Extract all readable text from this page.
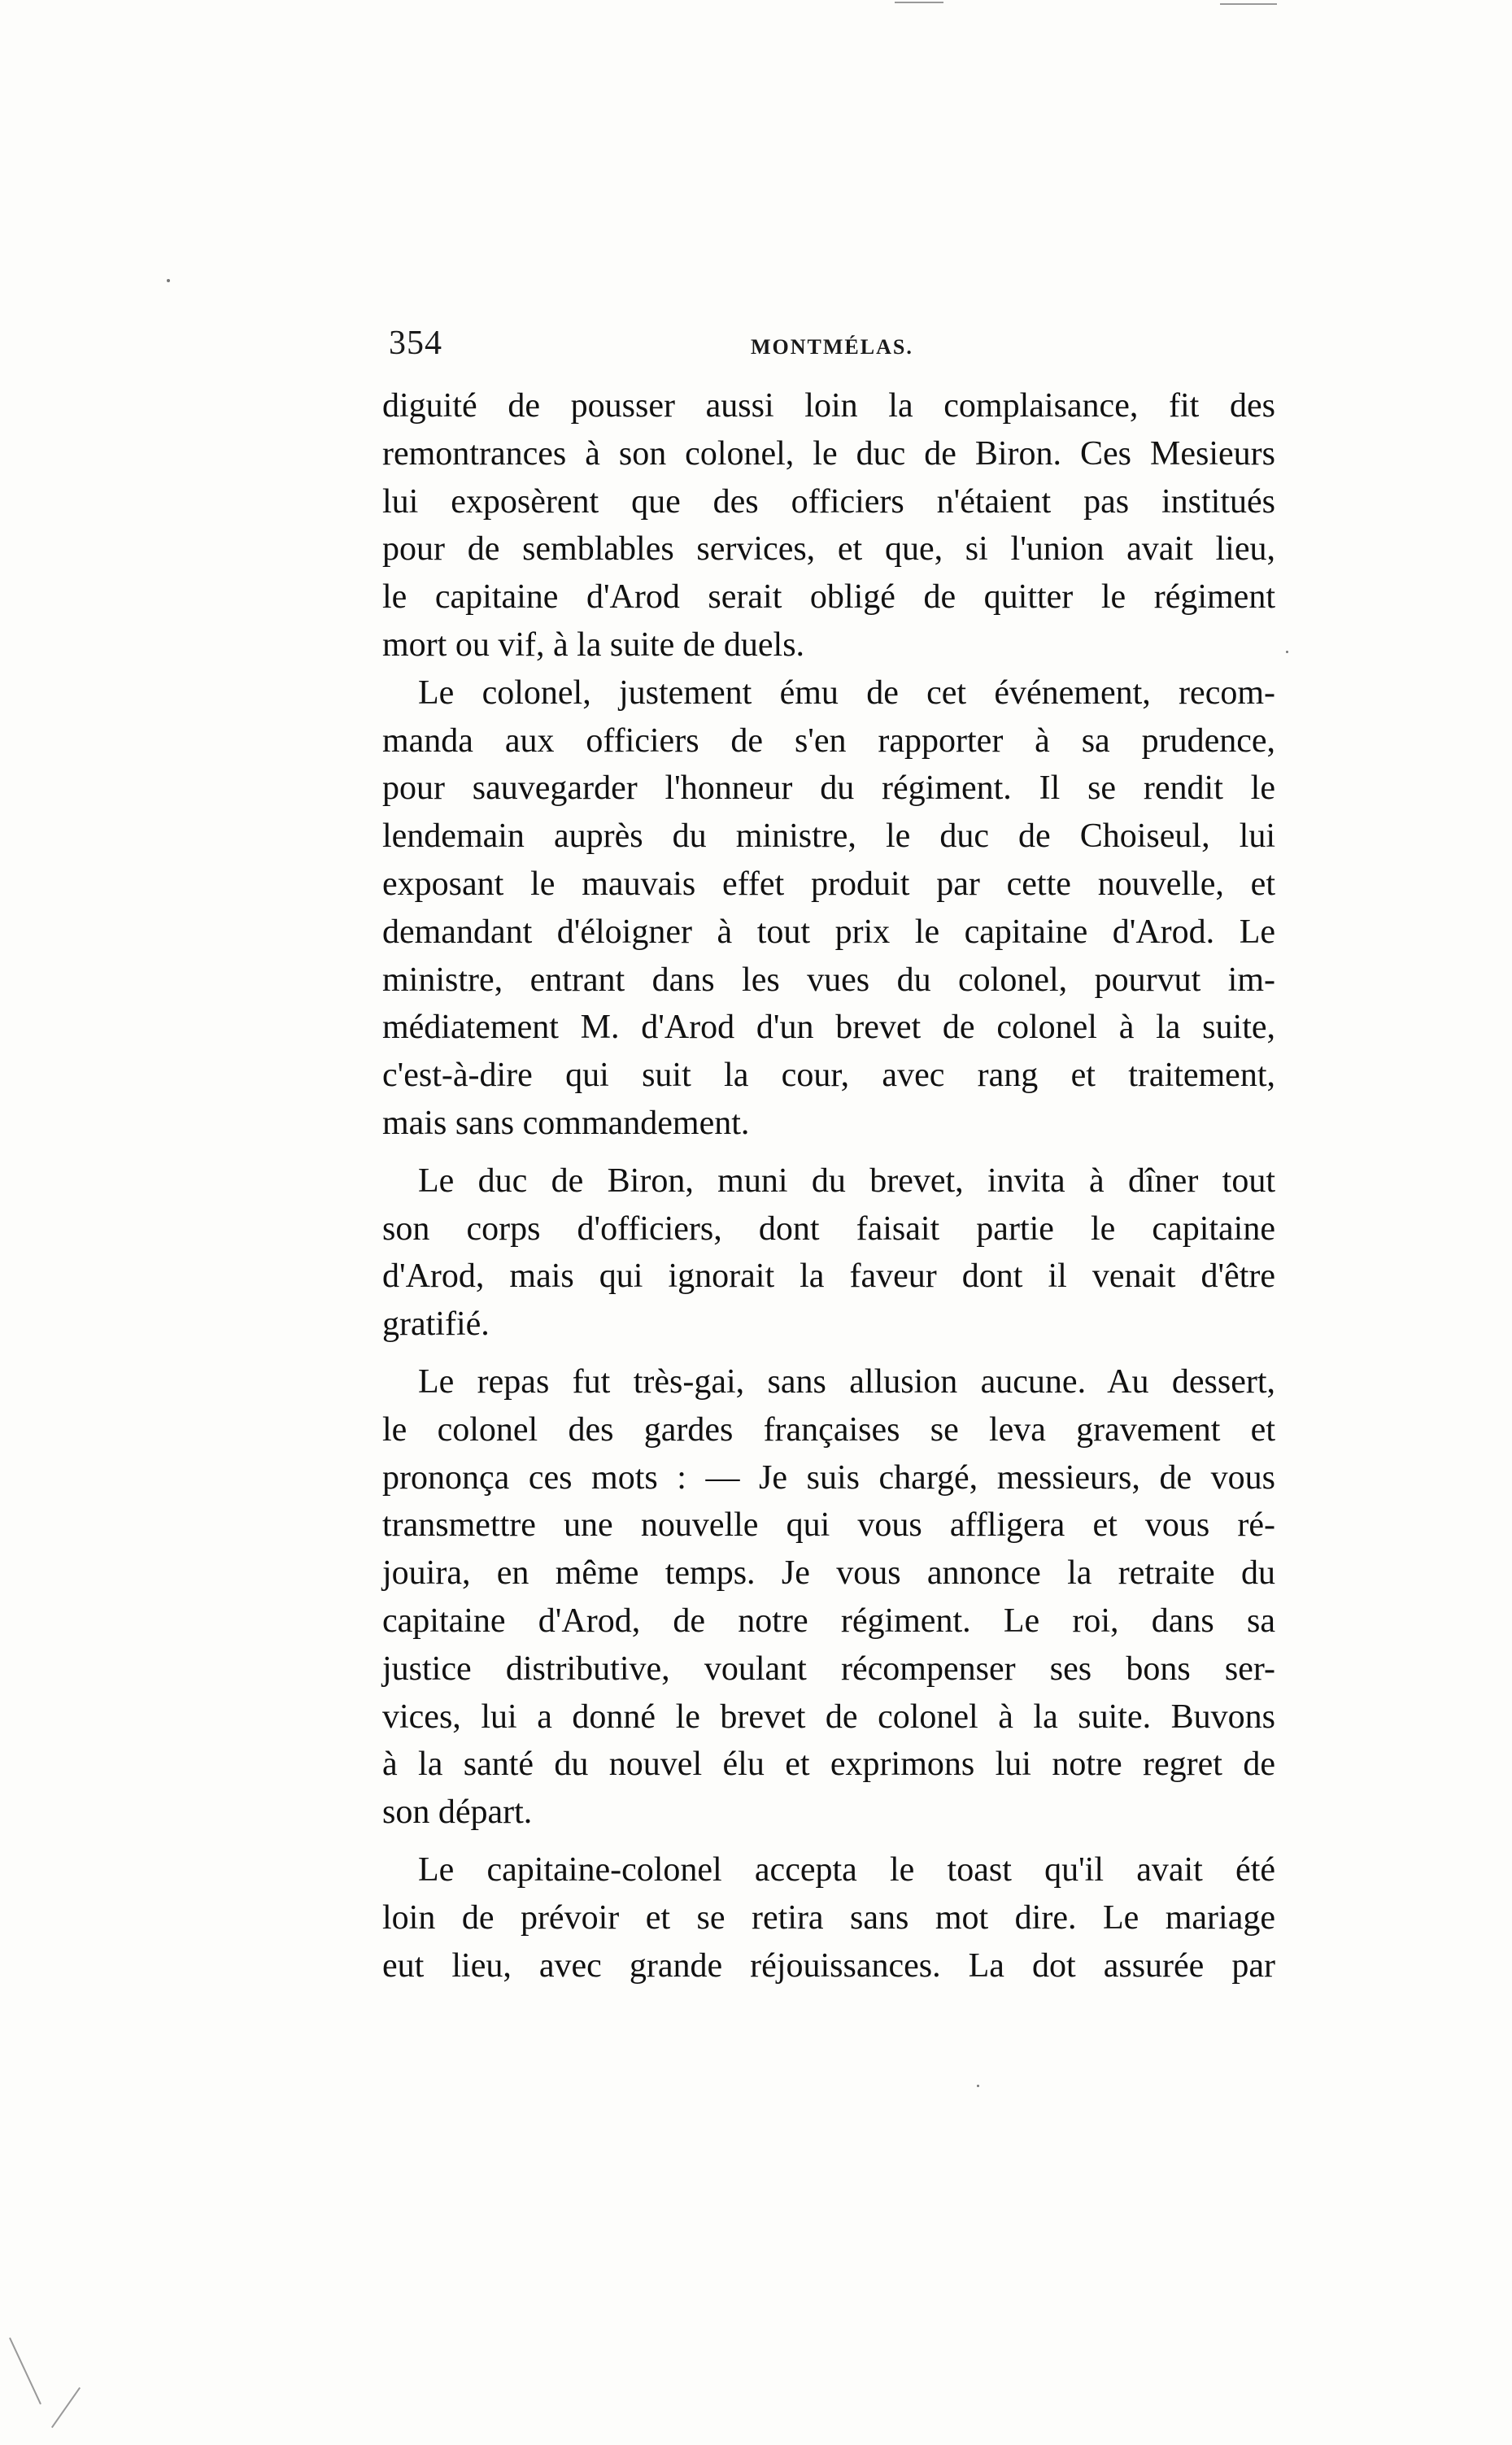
354	MONTMÉLAS.

diguité de pousser aussi loin la complaisance, fit des
remontrances à son colonel, le duc de Biron. Ces Mesieurs
lui exposèrent que des officiers n'étaient pas institués
pour de semblables services, et que, si l'union avait lieu,
le capitaine d'Arod serait obligé de quitter le régiment
mort ou vif, à la suite de duels.

Le colonel, justement ému de cet événement, recom-
manda aux officiers de s'en rapporter à sa prudence,
pour sauvegarder l'honneur du régiment. Il se rendit le
lendemain auprès du ministre, le duc de Choiseul, lui
exposant le mauvais effet produit par cette nouvelle, et
demandant d'éloigner à tout prix le capitaine d'Arod. Le
ministre, entrant dans les vues du colonel, pourvut im-
médiatement M. d'Arod d'un brevet de colonel à la suite,
c'est-à-dire qui suit la cour, avec rang et traitement,
mais sans commandement.

Le duc de Biron, muni du brevet, invita à dîner tout
son corps d'officiers, dont faisait partie le capitaine
d'Arod, mais qui ignorait la faveur dont il venait d'être
gratifié.

Le repas fut très-gai, sans allusion aucune. Au dessert,
le colonel des gardes françaises se leva gravement et
prononça ces mots : — Je suis chargé, messieurs, de vous
transmettre une nouvelle qui vous affligera et vous ré-
jouira, en même temps. Je vous annonce la retraite du
capitaine d'Arod, de notre régiment. Le roi, dans sa
justice distributive, voulant récompenser ses bons ser-
vices, lui a donné le brevet de colonel à la suite. Buvons
à la santé du nouvel élu et exprimons lui notre regret de
son départ.

Le capitaine-colonel accepta le toast qu'il avait été
loin de prévoir et se retira sans mot dire. Le mariage
eut lieu, avec grande réjouissances. La dot assurée par
